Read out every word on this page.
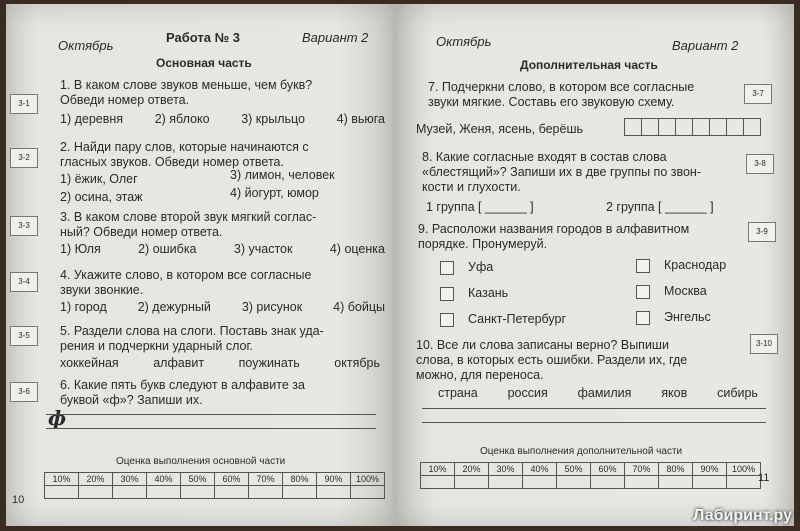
Октябрь
Работа № 3	Вариант 2
Основная часть
3-1
1. В каком слове звуков меньше, чем букв?
Обведи номер ответа.
1) деревня	2) яблоко	3) крыльцо	4) вьюга
3-2
2. Найди пару слов, которые начинаются с
гласных звуков. Обведи номер ответа.
1) ёжик, Олег	3) лимон, человек
2) осина, этаж	4) йогурт, юмор
3-3
3. В каком слове второй звук мягкий соглас-
ный? Обведи номер ответа.
1) Юля	2) ошибка	3) участок	4) оценка
3-4	4. Укажите слово, в котором все согласные
звуки звонкие.
1) город 2) дежурный 3) рисунок 4) бойцы
3-5	5. Раздели слова на слоги. Поставь знак уда-
рения и подчеркни ударный слог.
хоккейная	алфавит	поужинать	октябрь
3-6	6. Какие пять букв следуют в алфавите за
буквой «ф»? Запиши их.
ф
Оценка выполнения основной части
10%	20%	30%	40%	50%	60%	70%	80%	90%	100%

10
Октябрь	Вариант 2
Дополнительная часть
3-7
7. Подчеркни слово, в котором все согласные
звуки мягкие. Составь его звуковую схему.
Музей, Женя, ясень, берёшь
3-8
8. Какие согласные входят в состав слова
«блестящий»? Запиши их в две группы по звон-
кости и глухости.
1 группа [ ______ ]	2 группа [ ______ ]
3-9
9. Расположи названия городов в алфавитном
порядке. Пронумеруй.
Уфа	Краснодар
Казань	Москва
Санкт-Петербург	Энгельс
3-10
10. Все ли слова записаны верно? Выпиши
слова, в которых есть ошибки. Раздели их, где
можно, для переноса.
страна россия фамилия яков сибирь
Оценка выполнения дополнительной части
10%	20%	30%	40%	50%	60%	70%	80%	90%	100%

11
Лабиринт.ру
